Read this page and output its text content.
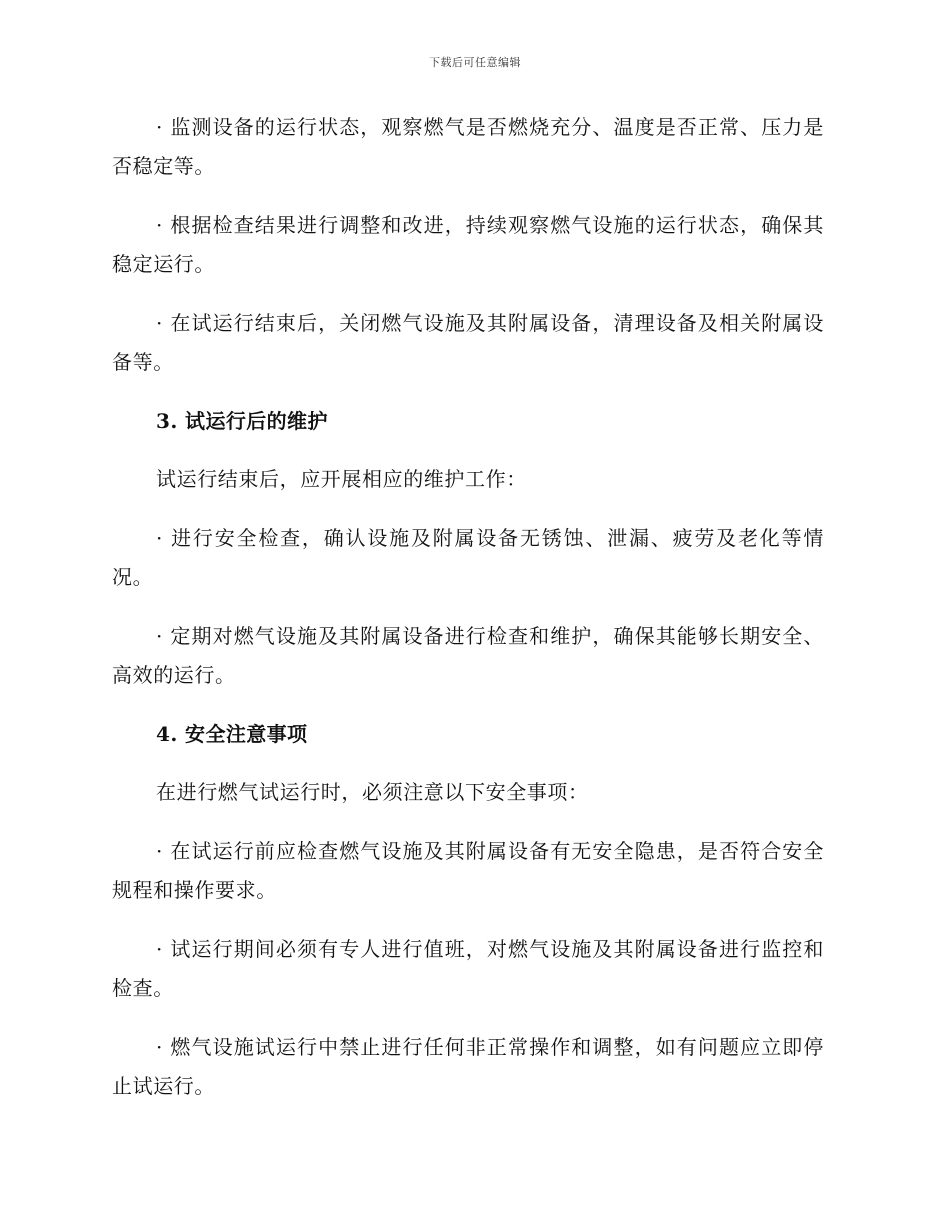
下载后可任意编辑

· 监测设备的运行状态，观察燃气是否燃烧充分、温度是否正常、压力是否稳定等。

· 根据检查结果进行调整和改进，持续观察燃气设施的运行状态，确保其稳定运行。

· 在试运行结束后，关闭燃气设施及其附属设备，清理设备及相关附属设备等。

3. 试运行后的维护

试运行结束后，应开展相应的维护工作：

· 进行安全检查，确认设施及附属设备无锈蚀、泄漏、疲劳及老化等情况。

· 定期对燃气设施及其附属设备进行检查和维护，确保其能够长期安全、高效的运行。

4. 安全注意事项

在进行燃气试运行时，必须注意以下安全事项：

· 在试运行前应检查燃气设施及其附属设备有无安全隐患，是否符合安全规程和操作要求。

· 试运行期间必须有专人进行值班，对燃气设施及其附属设备进行监控和检查。

· 燃气设施试运行中禁止进行任何非正常操作和调整，如有问题应立即停止试运行。
